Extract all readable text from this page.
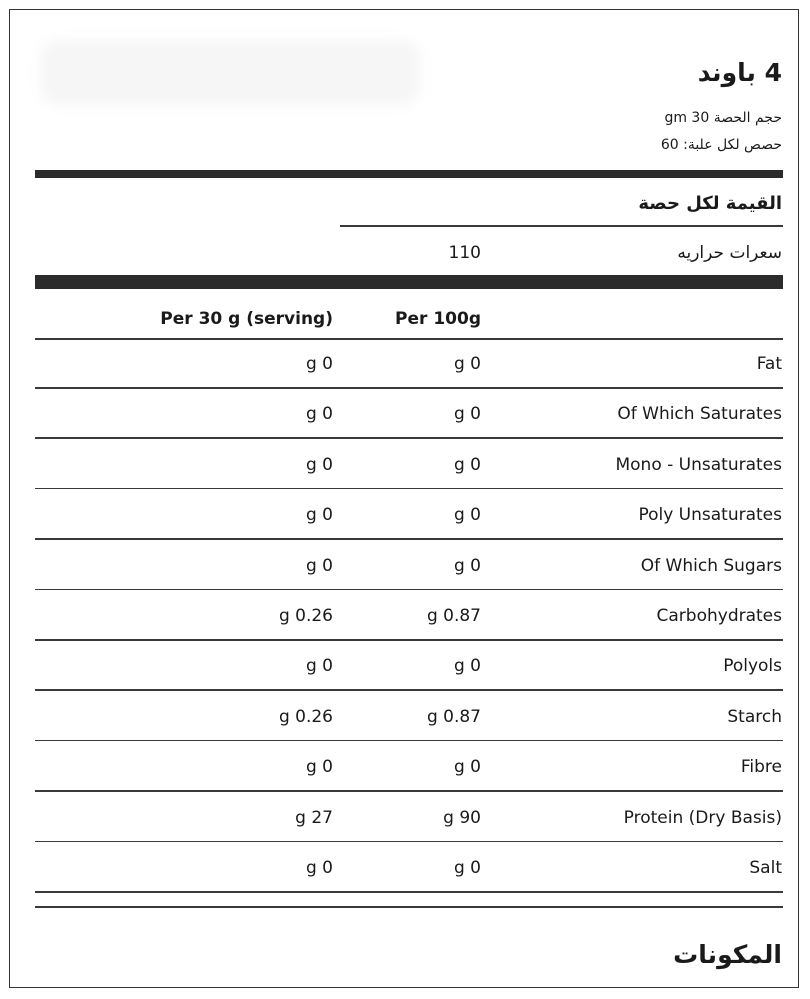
4 باوند
حجم الحصة 30 gm
حصص لكل علبة: 60
القيمة لكل حصة
سعرات حراريه
110
Per 100g
Per 30 g (serving)
Fat
g 0
g 0
Of Which Saturates
g 0
g 0
Mono - Unsaturates
g 0
g 0
Poly Unsaturates
g 0
g 0
Of Which Sugars
g 0
g 0
Carbohydrates
g 0.87
g 0.26
Polyols
g 0
g 0
Starch
g 0.87
g 0.26
Fibre
g 0
g 0
Protein (Dry Basis)
g 90
g 27
Salt
g 0
g 0
المكونات
